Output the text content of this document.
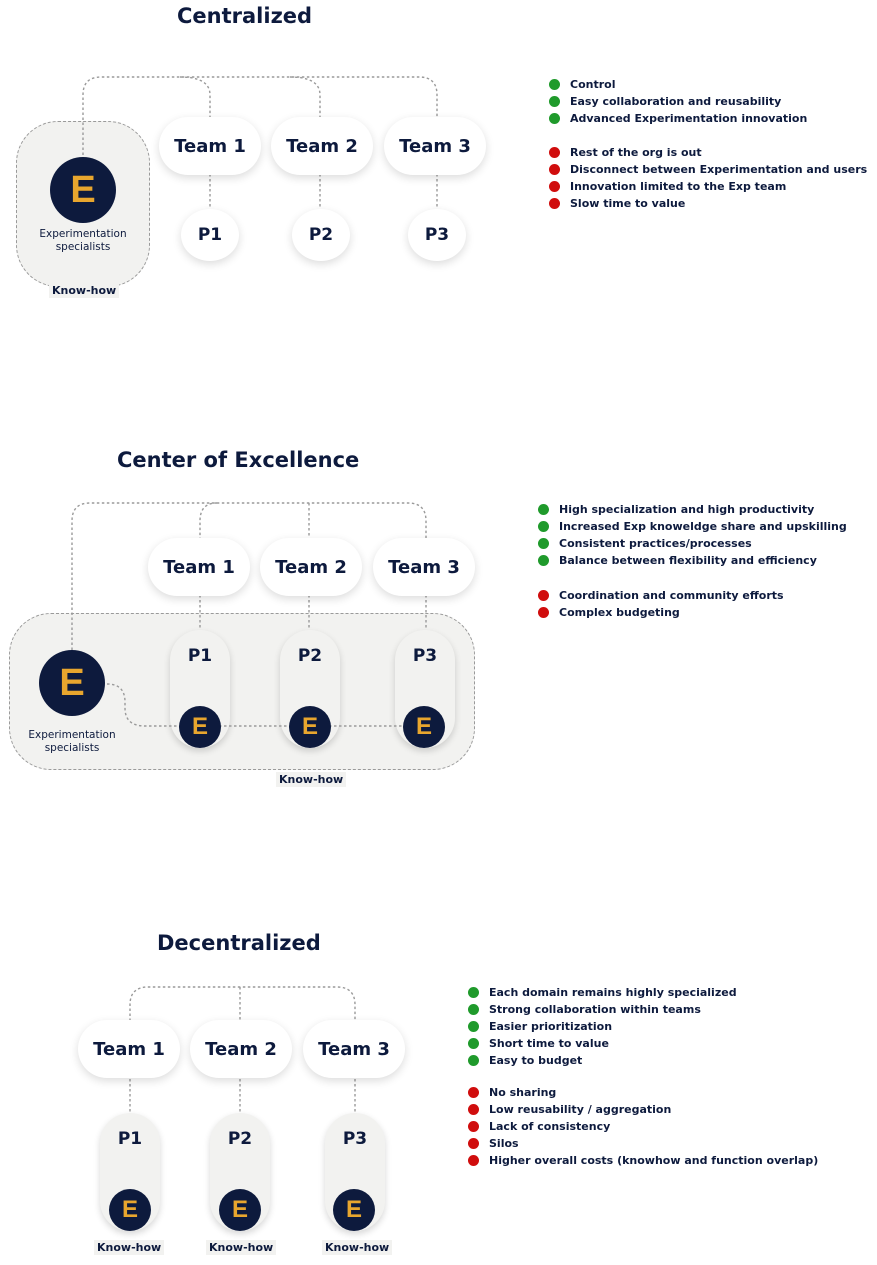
Centralized
E
Experimentation
specialists
Know-how
Team 1	Team 2	Team 3
P1	P2	P3
Control
Easy collaboration and reusability
Advanced Experimentation innovation
Rest of the org is out
Disconnect between Experimentation and users
Innovation limited to the Exp team
Slow time to value
Center of Excellence
E
Experimentation
specialists
Know-how
Team 1	Team 2	Team 3
P1	P2	P3
E	E	E
High specialization and high productivity
Increased Exp knoweldge share and upskilling
Consistent practices/processes
Balance between flexibility and efficiency
Coordination and community efforts
Complex budgeting
Decentralized
Team 1	Team 2	Team 3
P1	P2	P3
E	E	E
Know-how	Know-how	Know-how
Each domain remains highly specialized
Strong collaboration within teams
Easier prioritization
Short time to value
Easy to budget
No sharing
Low reusability / aggregation
Lack of consistency
Silos
Higher overall costs (knowhow and function overlap)
